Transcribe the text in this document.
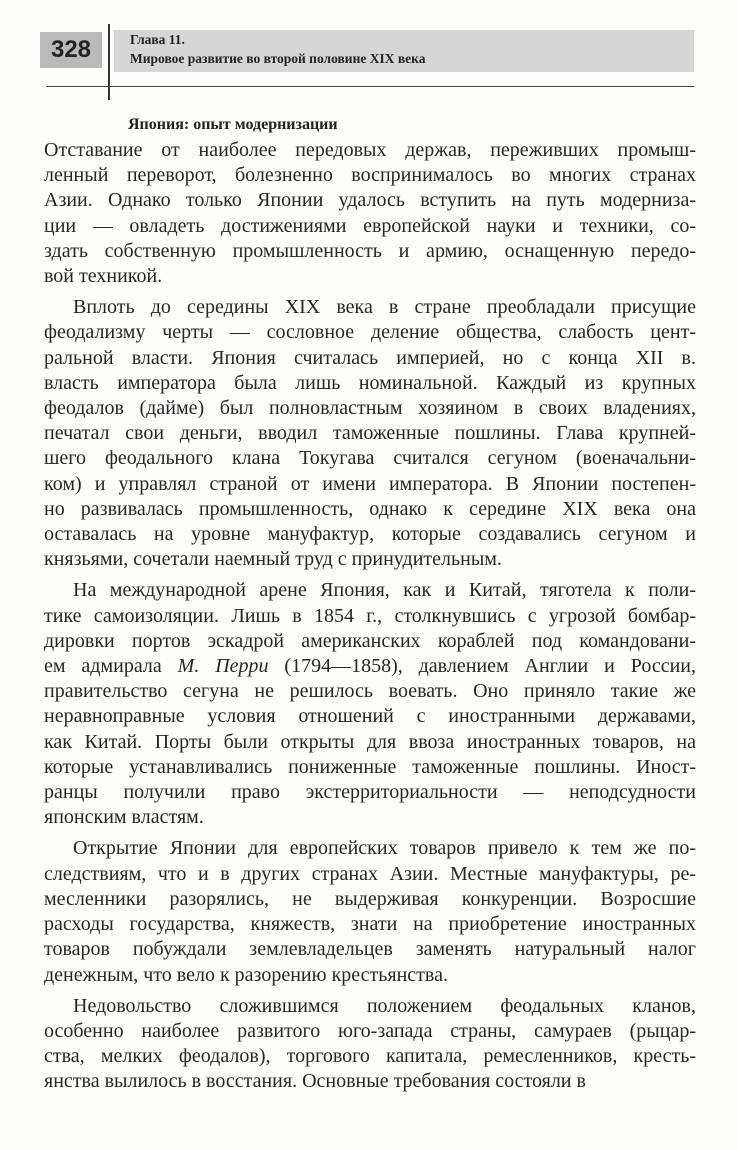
328	Глава 11.
Мировое развитие во второй половине XIX века
Япония: опыт модернизации
Отставание от наиболее передовых держав, переживших промыш-
ленный переворот, болезненно воспринималось во многих странах
Азии. Однако только Японии удалось вступить на путь модерниза-
ции — овладеть достижениями европейской науки и техники, со-
здать собственную промышленность и армию, оснащенную передо-
вой техникой.
Вплоть до середины XIX века в стране преобладали присущие
феодализму черты — сословное деление общества, слабость цент-
ральной власти. Япония считалась империей, но с конца XII в.
власть императора была лишь номинальной. Каждый из крупных
феодалов (дайме) был полновластным хозяином в своих владениях,
печатал свои деньги, вводил таможенные пошлины. Глава крупней-
шего феодального клана Токугава считался сегуном (военачальни-
ком) и управлял страной от имени императора. В Японии постепен-
но развивалась промышленность, однако к середине XIX века она
оставалась на уровне мануфактур, которые создавались сегуном и
князьями, сочетали наемный труд с принудительным.
На международной арене Япония, как и Китай, тяготела к поли-
тике самоизоляции. Лишь в 1854 г., столкнувшись с угрозой бомбар-
дировки портов эскадрой американских кораблей под командовани-
ем адмирала M. Перри (1794—1858), давлением Англии и России,
правительство сегуна не решилось воевать. Оно приняло такие же
неравноправные условия отношений с иностранными державами,
как Китай. Порты были открыты для ввоза иностранных товаров, на
которые устанавливались пониженные таможенные пошлины. Иност-
ранцы получили право экстерриториальности — неподсудности
японским властям.
Открытие Японии для европейских товаров привело к тем же по-
следствиям, что и в других странах Азии. Местные мануфактуры, ре-
месленники разорялись, не выдерживая конкуренции. Возросшие
расходы государства, княжеств, знати на приобретение иностранных
товаров побуждали землевладельцев заменять натуральный налог
денежным, что вело к разорению крестьянства.
Недовольство сложившимся положением феодальных кланов,
особенно наиболее развитого юго-запада страны, самураев (рыцар-
ства, мелких феодалов), торгового капитала, ремесленников, кресть-
янства вылилось в восстания. Основные требования состояли в
